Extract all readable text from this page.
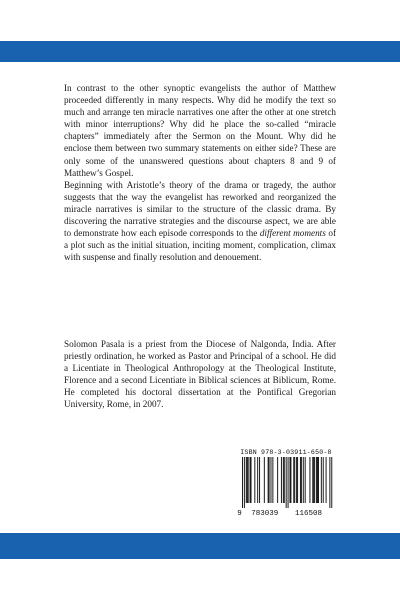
In contrast to the other synoptic evangelists the author of Matthew proceeded differently in many respects. Why did he modify the text so much and arrange ten miracle narratives one after the other at one stretch with minor interruptions? Why did he place the so-called “miracle chapters” immediately after the Sermon on the Mount. Why did he enclose them between two summary statements on either side? These are only some of the unanswered questions about chapters 8 and 9 of Matthew’s Gospel.

Beginning with Aristotle’s theory of the drama or tragedy, the author suggests that the way the evangelist has reworked and reorganized the miracle narratives is similar to the structure of the classic drama. By discovering the narrative strategies and the discourse aspect, we are able to demonstrate how each episode corresponds to the different moments of a plot such as the initial situation, inciting moment, complication, climax with suspense and finally resolution and denouement.

Solomon Pasala is a priest from the Diocese of Nalgonda, India. After priestly ordination, he worked as Pastor and Principal of a school. He did a Licentiate in Theological Anthropology at the Theological Institute, Florence and a second Licentiate in Biblical sciences at Biblicum, Rome. He completed his doctoral dissertation at the Pontifical Gregorian University, Rome, in 2007.

ISBN 978-3-03911-650-8
9 783039 116508
